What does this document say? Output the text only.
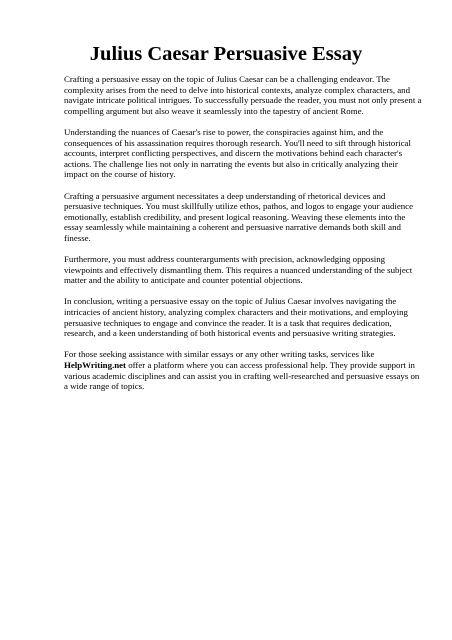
Julius Caesar Persuasive Essay

Crafting a persuasive essay on the topic of Julius Caesar can be a challenging endeavor. The complexity arises from the need to delve into historical contexts, analyze complex characters, and navigate intricate political intrigues. To successfully persuade the reader, you must not only present a compelling argument but also weave it seamlessly into the tapestry of ancient Rome.

Understanding the nuances of Caesar's rise to power, the conspiracies against him, and the consequences of his assassination requires thorough research. You'll need to sift through historical accounts, interpret conflicting perspectives, and discern the motivations behind each character's actions. The challenge lies not only in narrating the events but also in critically analyzing their impact on the course of history.

Crafting a persuasive argument necessitates a deep understanding of rhetorical devices and persuasive techniques. You must skillfully utilize ethos, pathos, and logos to engage your audience emotionally, establish credibility, and present logical reasoning. Weaving these elements into the essay seamlessly while maintaining a coherent and persuasive narrative demands both skill and finesse.

Furthermore, you must address counterarguments with precision, acknowledging opposing viewpoints and effectively dismantling them. This requires a nuanced understanding of the subject matter and the ability to anticipate and counter potential objections.

In conclusion, writing a persuasive essay on the topic of Julius Caesar involves navigating the intricacies of ancient history, analyzing complex characters and their motivations, and employing persuasive techniques to engage and convince the reader. It is a task that requires dedication, research, and a keen understanding of both historical events and persuasive writing strategies.

For those seeking assistance with similar essays or any other writing tasks, services like HelpWriting.net offer a platform where you can access professional help. They provide support in various academic disciplines and can assist you in crafting well-researched and persuasive essays on a wide range of topics.
